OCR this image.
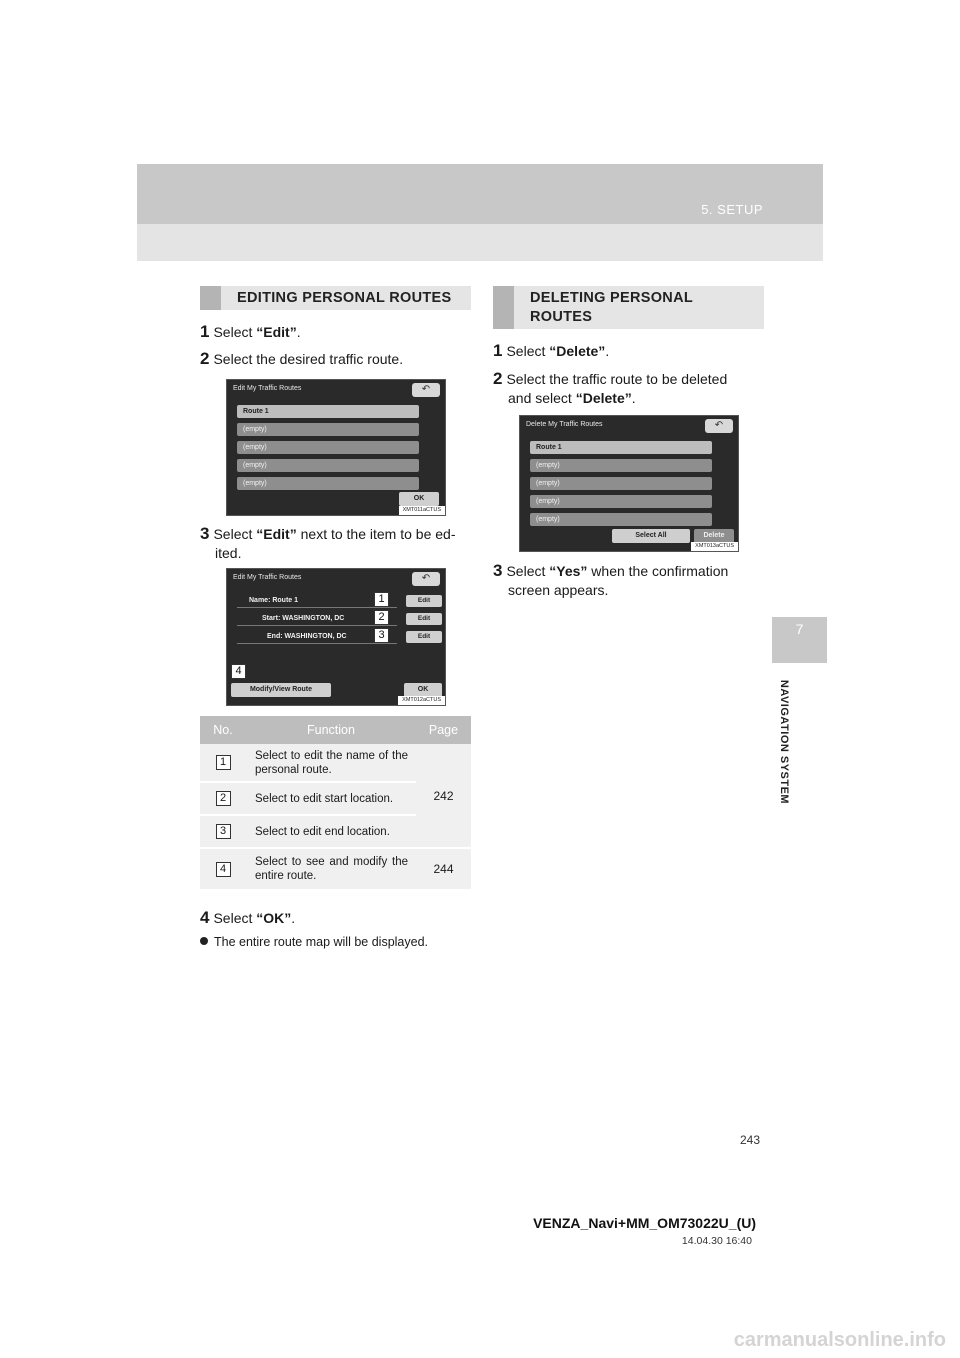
5. SETUP
7
NAVIGATION SYSTEM
EDITING PERSONAL ROUTES
1 Select “Edit”.
2 Select the desired traffic route.
Edit My Traffic Routes	↶
Route 1
(empty)
(empty)
(empty)
(empty)
OK
XMT011aCTUS
3 Select “Edit” next to the item to be ed-
ited.
Edit My Traffic Routes	↶
Name: Route 1
Start: WASHINGTON, DC
End: WASHINGTON, DC
Edit
Edit
Edit
Modify/View Route	OK
XMT012aCTUS
1
2
3
4
No.	Function	Page
1	Select to edit the name of the personal route.	242
2	Select to edit start location.	
3	Select to edit end location.	
4	Select to see and modify the entire route.	244
4 Select “OK”.
The entire route map will be displayed.
DELETING PERSONAL ROUTES
1 Select “Delete”.
2 Select the traffic route to be deleted
and select “Delete”.
Delete My Traffic Routes	↶
Route 1
(empty)
(empty)
(empty)
(empty)
Select All	Delete
XMT013aCTUS
3 Select “Yes” when the confirmation
screen appears.
243
VENZA_Navi+MM_OM73022U_(U)
14.04.30 16:40
carmanualsonline.info
